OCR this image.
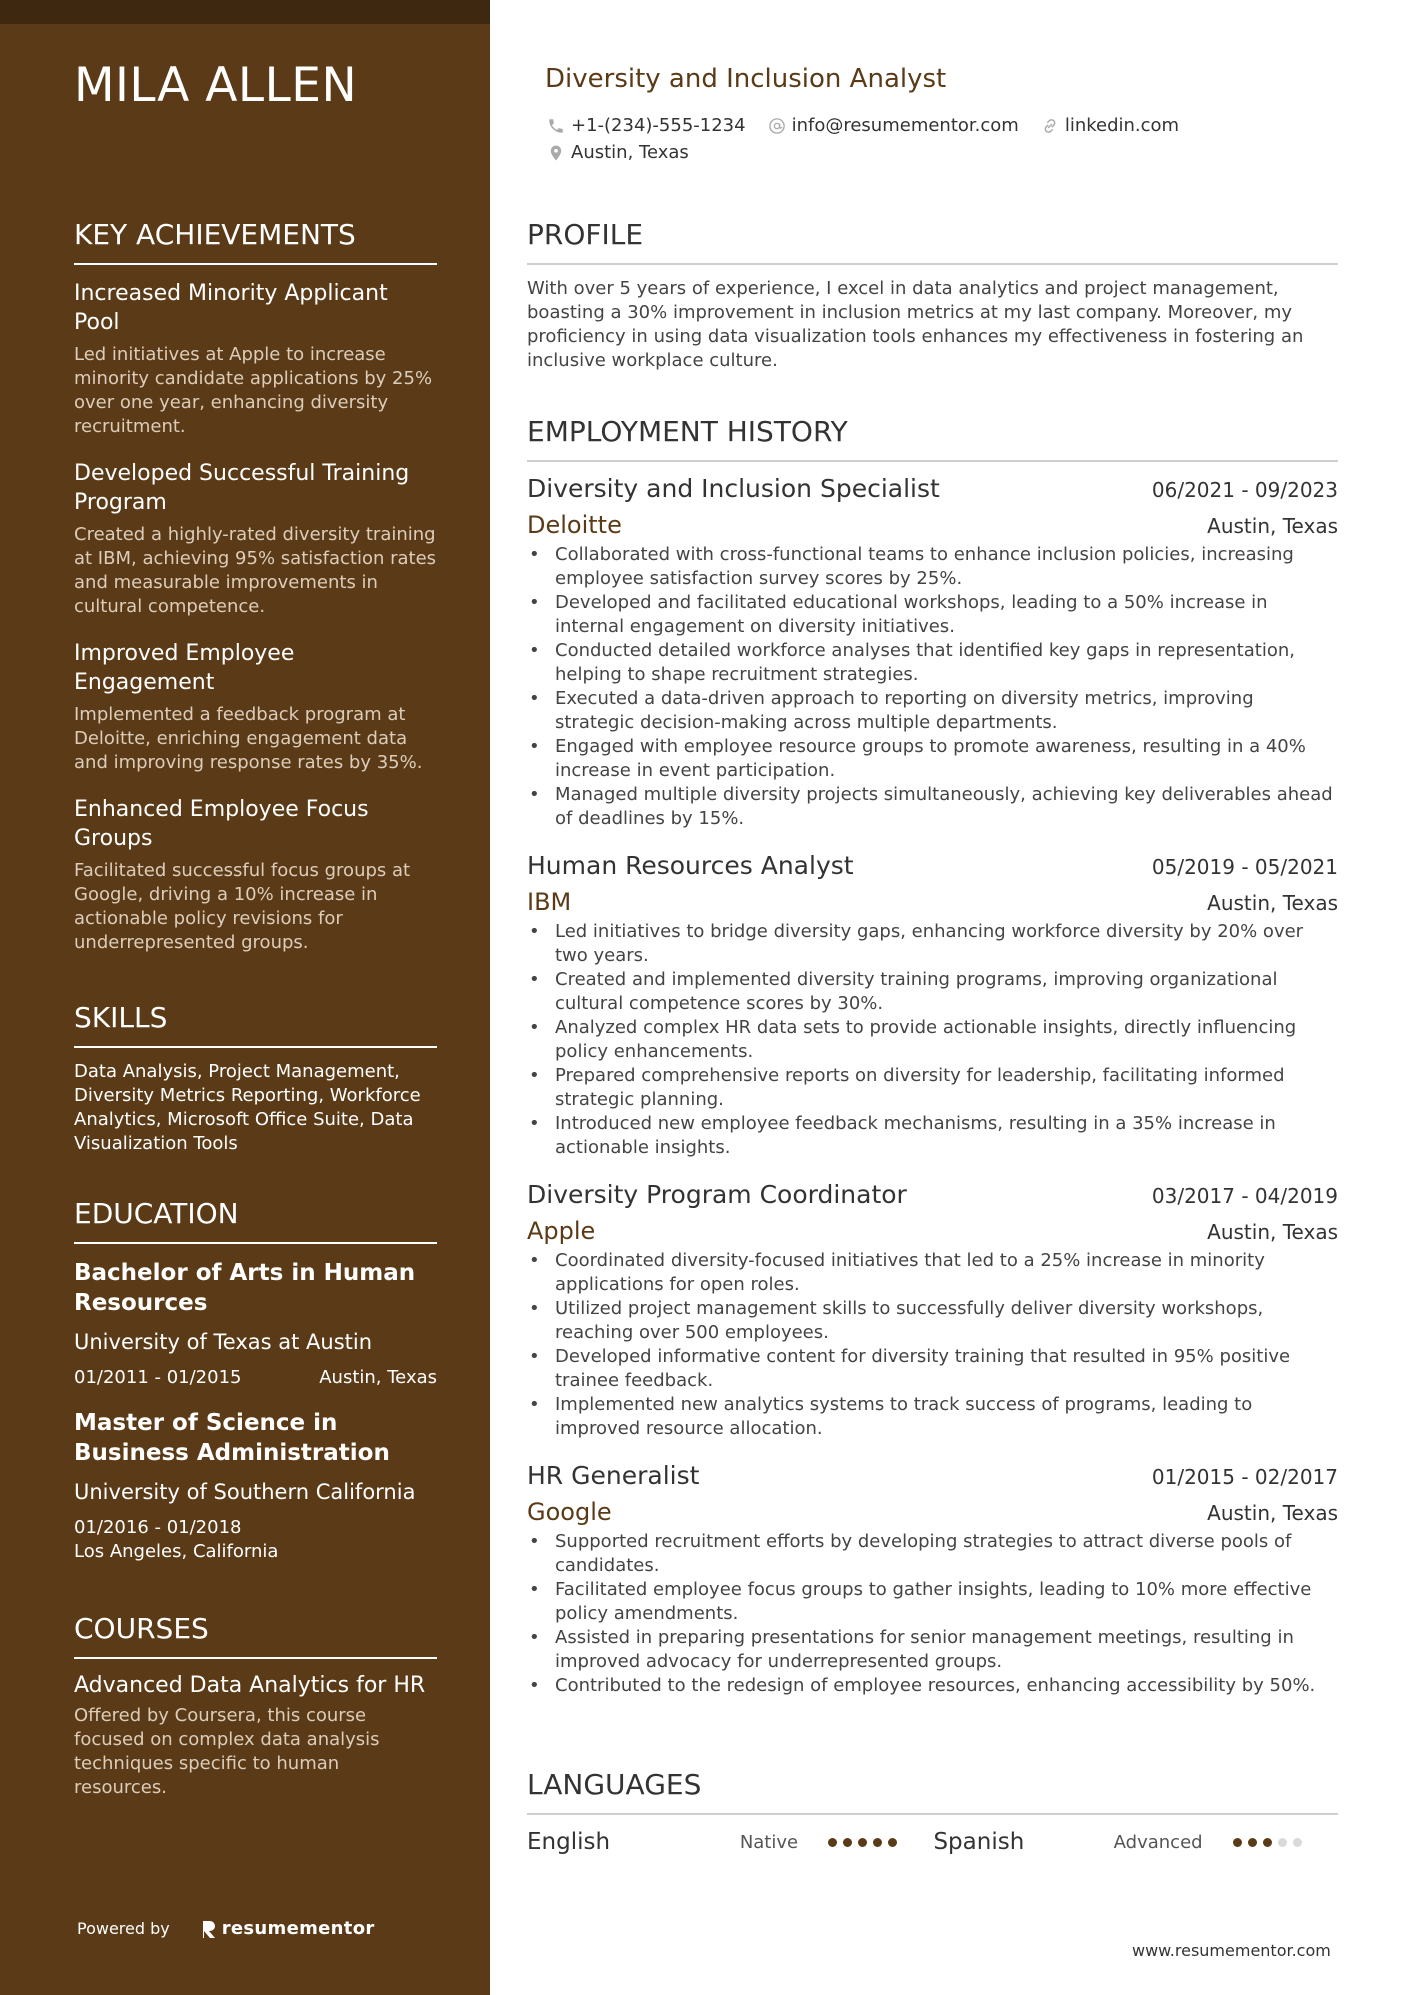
MILA ALLEN
KEY ACHIEVEMENTS
Increased Minority Applicant Pool
Led initiatives at Apple to increase minority candidate applications by 25% over one year, enhancing diversity recruitment.
Developed Successful Training Program
Created a highly-rated diversity training at IBM, achieving 95% satisfaction rates and measurable improvements in cultural competence.
Improved Employee Engagement
Implemented a feedback program at Deloitte, enriching engagement data and improving response rates by 35%.
Enhanced Employee Focus Groups
Facilitated successful focus groups at Google, driving a 10% increase in actionable policy revisions for underrepresented groups.
SKILLS
Data Analysis, Project Management, Diversity Metrics Reporting, Workforce Analytics, Microsoft Office Suite, Data Visualization Tools
EDUCATION
Bachelor of Arts in Human Resources
University of Texas at Austin
01/2011 - 01/2015	Austin, Texas
Master of Science in Business Administration
University of Southern California
01/2016 - 01/2018
Los Angeles, California
COURSES
Advanced Data Analytics for HR
Offered by Coursera, this course focused on complex data analysis techniques specific to human resources.
Powered by	resumementor
Diversity and Inclusion Analyst
+1-(234)-555-1234	info@resumementor.com	linkedin.com
Austin, Texas
PROFILE
With over 5 years of experience, I excel in data analytics and project management, boasting a 30% improvement in inclusion metrics at my last company. Moreover, my proficiency in using data visualization tools enhances my effectiveness in fostering an inclusive workplace culture.
EMPLOYMENT HISTORY
Diversity and Inclusion Specialist	06/2021 - 09/2023
Deloitte	Austin, Texas
• Collaborated with cross-functional teams to enhance inclusion policies, increasing employee satisfaction survey scores by 25%.
• Developed and facilitated educational workshops, leading to a 50% increase in internal engagement on diversity initiatives.
• Conducted detailed workforce analyses that identified key gaps in representation, helping to shape recruitment strategies.
• Executed a data-driven approach to reporting on diversity metrics, improving strategic decision-making across multiple departments.
• Engaged with employee resource groups to promote awareness, resulting in a 40% increase in event participation.
• Managed multiple diversity projects simultaneously, achieving key deliverables ahead of deadlines by 15%.
Human Resources Analyst	05/2019 - 05/2021
IBM	Austin, Texas
• Led initiatives to bridge diversity gaps, enhancing workforce diversity by 20% over two years.
• Created and implemented diversity training programs, improving organizational cultural competence scores by 30%.
• Analyzed complex HR data sets to provide actionable insights, directly influencing policy enhancements.
• Prepared comprehensive reports on diversity for leadership, facilitating informed strategic planning.
• Introduced new employee feedback mechanisms, resulting in a 35% increase in actionable insights.
Diversity Program Coordinator	03/2017 - 04/2019
Apple	Austin, Texas
• Coordinated diversity-focused initiatives that led to a 25% increase in minority applications for open roles.
• Utilized project management skills to successfully deliver diversity workshops, reaching over 500 employees.
• Developed informative content for diversity training that resulted in 95% positive trainee feedback.
• Implemented new analytics systems to track success of programs, leading to improved resource allocation.
HR Generalist	01/2015 - 02/2017
Google	Austin, Texas
• Supported recruitment efforts by developing strategies to attract diverse pools of candidates.
• Facilitated employee focus groups to gather insights, leading to 10% more effective policy amendments.
• Assisted in preparing presentations for senior management meetings, resulting in improved advocacy for underrepresented groups.
• Contributed to the redesign of employee resources, enhancing accessibility by 50%.
LANGUAGES
English	Native	Spanish	Advanced
www.resumementor.com
